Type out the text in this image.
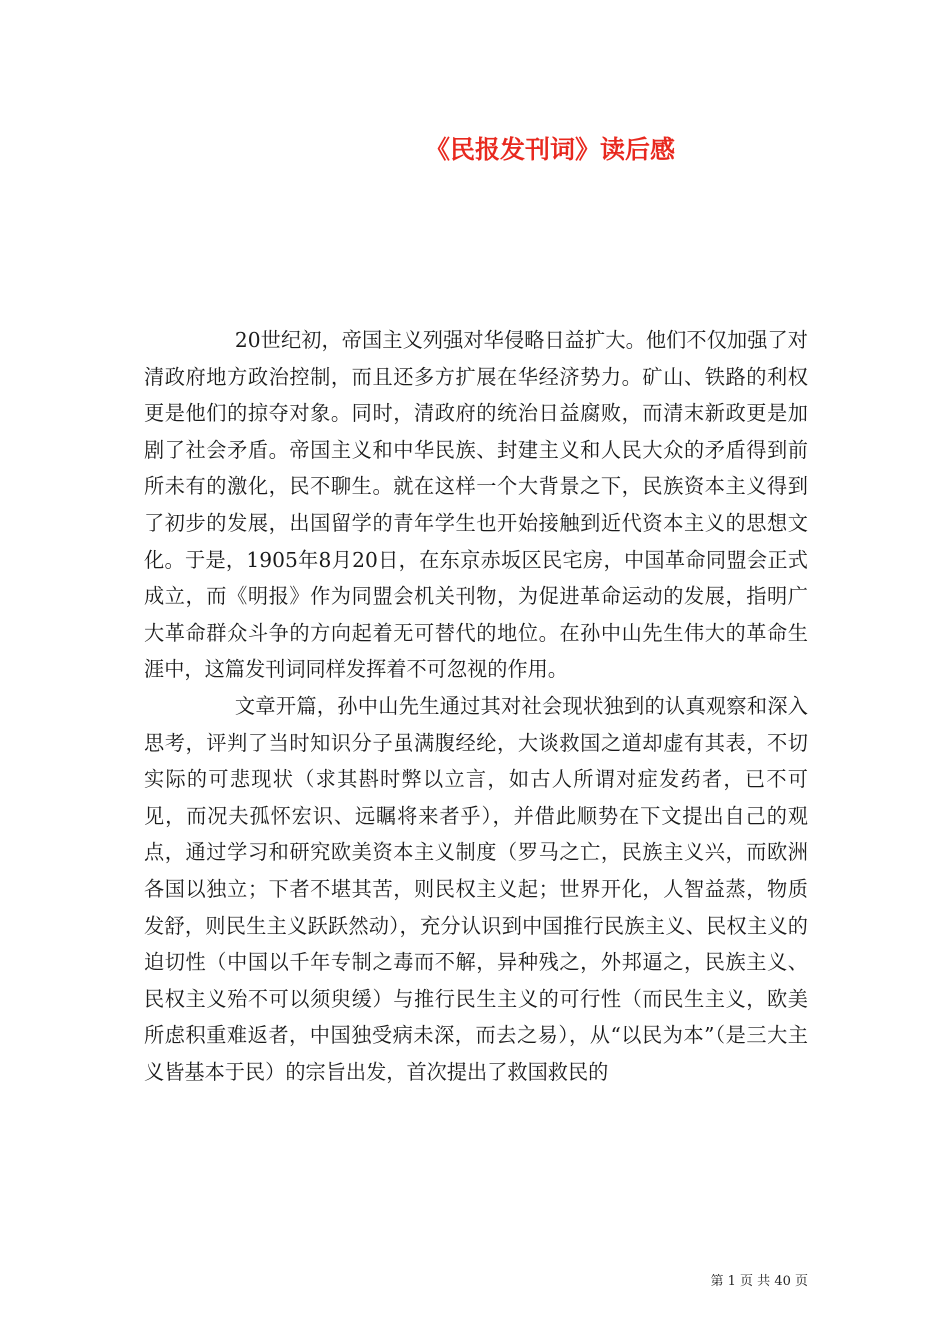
《民报发刊词》读后感

20世纪初，帝国主义列强对华侵略日益扩大。他们不仅加强了对清政府地方政治控制，而且还多方扩展在华经济势力。矿山、铁路的利权更是他们的掠夺对象。同时，清政府的统治日益腐败，而清末新政更是加剧了社会矛盾。帝国主义和中华民族、封建主义和人民大众的矛盾得到前所未有的激化，民不聊生。就在这样一个大背景之下，民族资本主义得到了初步的发展，出国留学的青年学生也开始接触到近代资本主义的思想文化。于是，1905年8月20日，在东京赤坂区民宅房，中国革命同盟会正式成立，而《明报》作为同盟会机关刊物，为促进革命运动的发展，指明广大革命群众斗争的方向起着无可替代的地位。在孙中山先生伟大的革命生涯中，这篇发刊词同样发挥着不可忽视的作用。

文章开篇，孙中山先生通过其对社会现状独到的认真观察和深入思考，评判了当时知识分子虽满腹经纶，大谈救国之道却虚有其表，不切实际的可悲现状（求其斟时弊以立言，如古人所谓对症发药者，已不可见，而况夫孤怀宏识、远瞩将来者乎），并借此顺势在下文提出自己的观点，通过学习和研究欧美资本主义制度（罗马之亡，民族主义兴，而欧洲各国以独立；下者不堪其苦，则民权主义起；世界开化，人智益蒸，物质发舒，则民生主义跃跃然动），充分认识到中国推行民族主义、民权主义的迫切性（中国以千年专制之毒而不解，异种残之，外邦逼之，民族主义、民权主义殆不可以须臾缓）与推行民生主义的可行性（而民生主义，欧美所虑积重难返者，中国独受病未深，而去之易），从“以民为本”（是三大主义皆基本于民）的宗旨出发，首次提出了救国救民的

第 1 页 共 40 页
